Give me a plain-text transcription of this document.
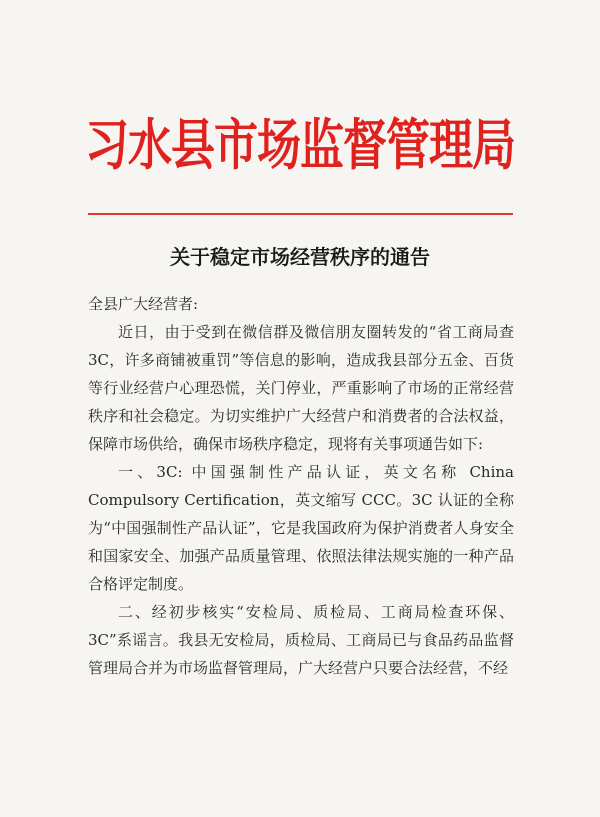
习水县市场监督管理局
关于稳定市场经营秩序的通告

全县广大经营者:

近日，由于受到在微信群及微信朋友圈转发的“省工商局查 3C，许多商铺被重罚”等信息的影响，造成我县部分五金、百货等行业经营户心理恐慌，关门停业，严重影响了市场的正常经营秩序和社会稳定。为切实维护广大经营户和消费者的合法权益，保障市场供给，确保市场秩序稳定，现将有关事项通告如下:

一、3C: 中国强制性产品认证，英文名称 China Compulsory Certification，英文缩写 CCC。3C 认证的全称为“中国强制性产品认证”，它是我国政府为保护消费者人身安全和国家安全、加强产品质量管理、依照法律法规实施的一种产品合格评定制度。

二、经初步核实“安检局、质检局、工商局检查环保、3C”系谣言。我县无安检局，质检局、工商局已与食品药品监督管理局合并为市场监督管理局，广大经营户只要合法经营，不经
